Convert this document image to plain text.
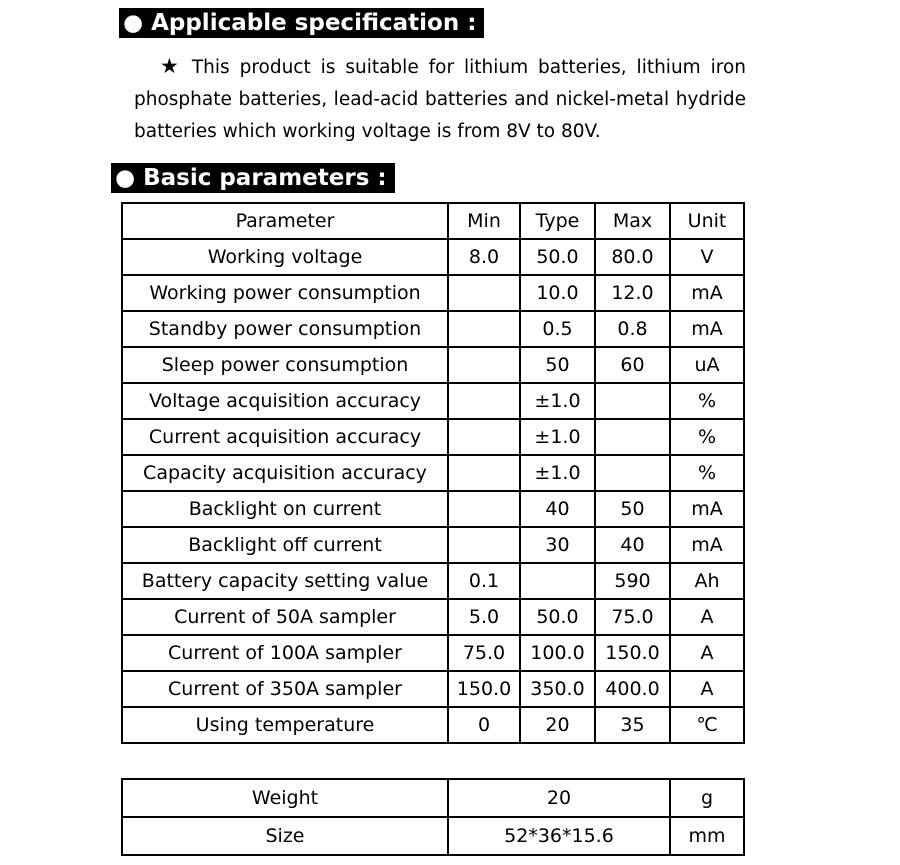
● Applicable specification :
★ This product is suitable for lithium batteries, lithium iron phosphate batteries, lead-acid batteries and nickel-metal hydride batteries which working voltage is from 8V to 80V.
● Basic parameters :
Parameter	Min	Type	Max	Unit
Working voltage	8.0	50.0	80.0	V
Working power consumption		10.0	12.0	mA
Standby power consumption		0.5	0.8	mA
Sleep power consumption		50	60	uA
Voltage acquisition accuracy		±1.0		%
Current acquisition accuracy		±1.0		%
Capacity acquisition accuracy		±1.0		%
Backlight on current		40	50	mA
Backlight off current		30	40	mA
Battery capacity setting value	0.1		590	Ah
Current of 50A sampler	5.0	50.0	75.0	A
Current of 100A sampler	75.0	100.0	150.0	A
Current of 350A sampler	150.0	350.0	400.0	A
Using temperature	0	20	35	℃
Weight	20	g
Size	52*36*15.6	mm
